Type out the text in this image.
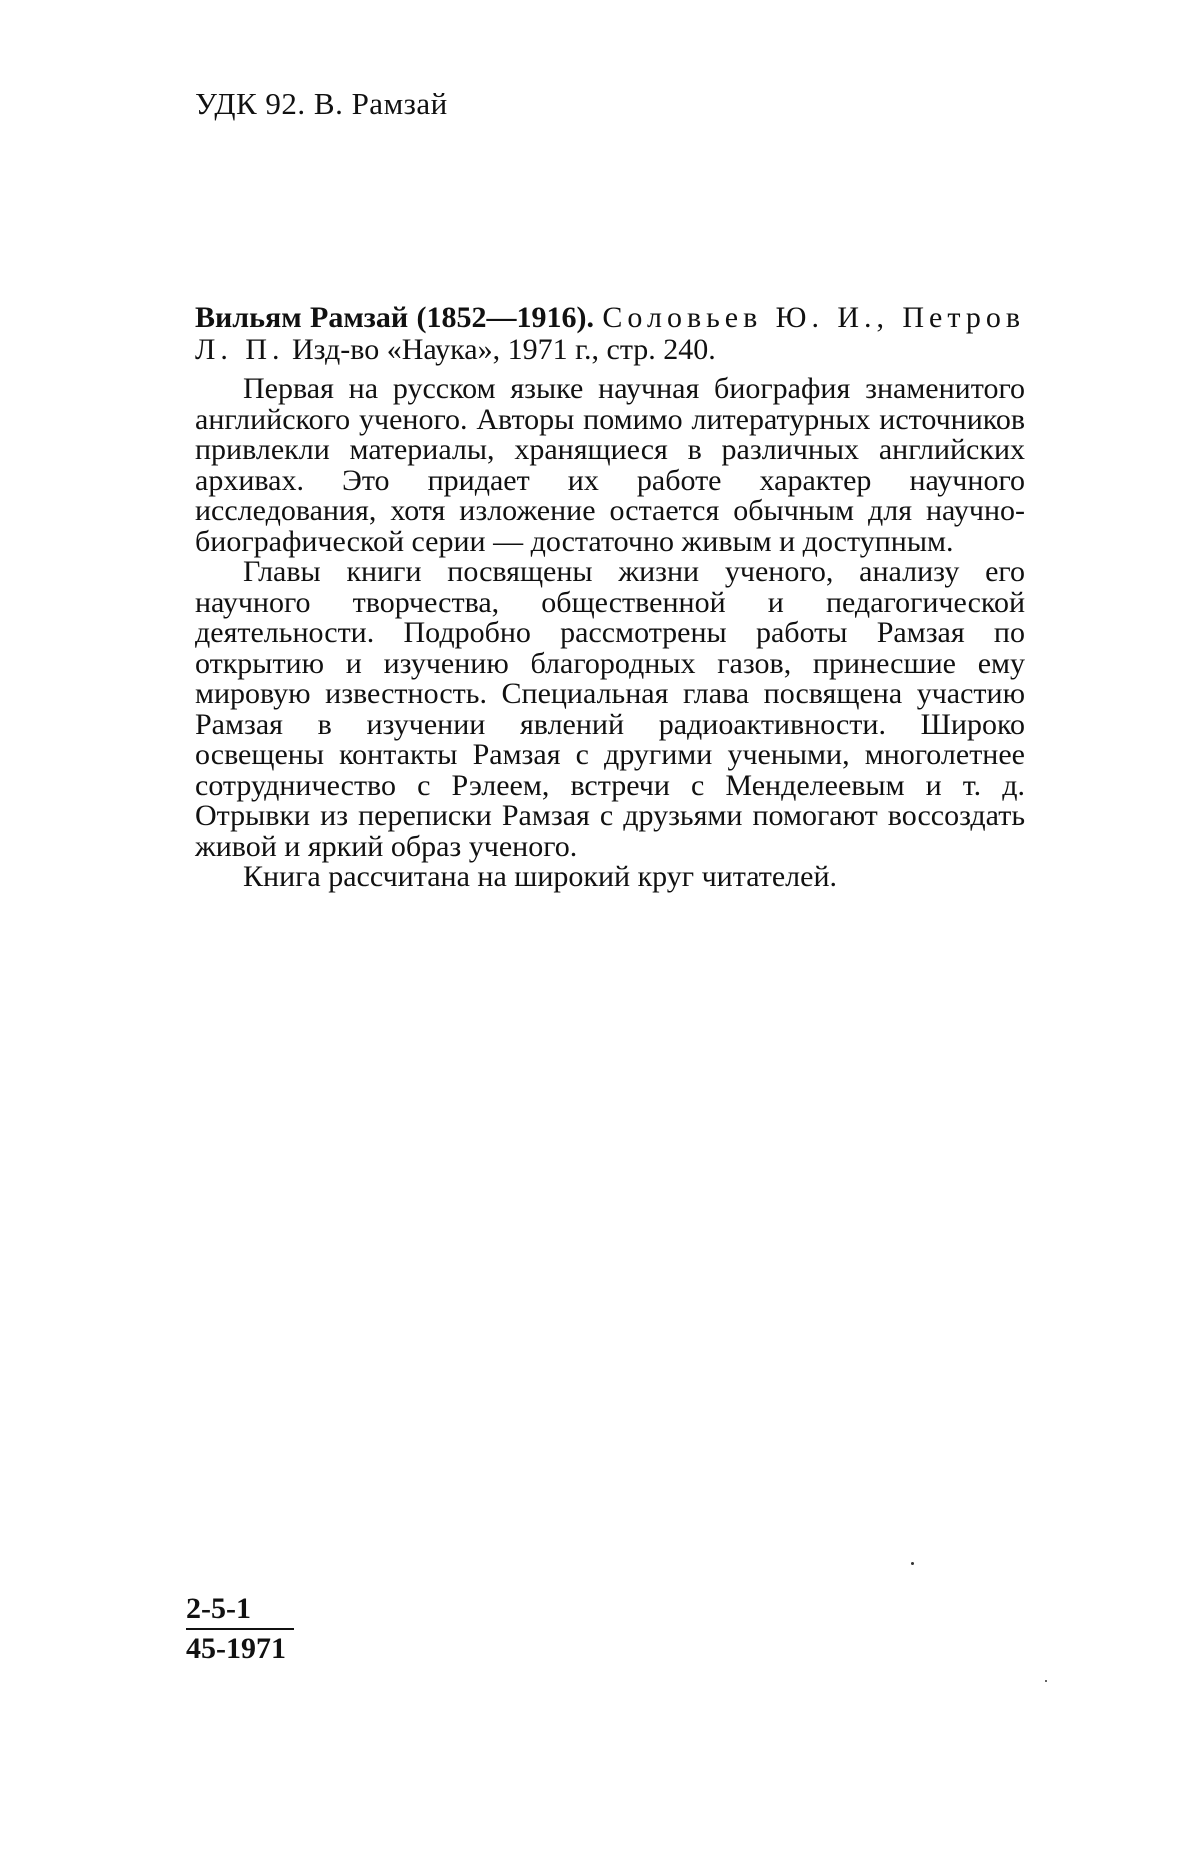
УДК 92. В. Рамзай

Вильям Рамзай (1852—1916). Соловьев Ю. И., Петров Л. П. Изд-во «Наука», 1971 г., стр. 240.

Первая на русском языке научная биография знаменитого английского ученого. Авторы помимо литературных источников привлекли материалы, хранящиеся в различных английских архивах. Это придает их работе характер научного исследования, хотя изложение остается обычным для научно-биографической серии — достаточно живым и доступным.

Главы книги посвящены жизни ученого, анализу его научного творчества, общественной и педагогической деятельности. Подробно рассмотрены работы Рамзая по открытию и изучению благородных газов, принесшие ему мировую известность. Специальная глава посвящена участию Рамзая в изучении явлений радиоактивности. Широко освещены контакты Рамзая с другими учеными, многолетнее сотрудничество с Рэлеем, встречи с Менделеевым и т. д. Отрывки из переписки Рамзая с друзьями помогают воссоздать живой и яркий образ ученого.

Книга рассчитана на широкий круг читателей.

$\frac{2-5-1}{45-1971}$
